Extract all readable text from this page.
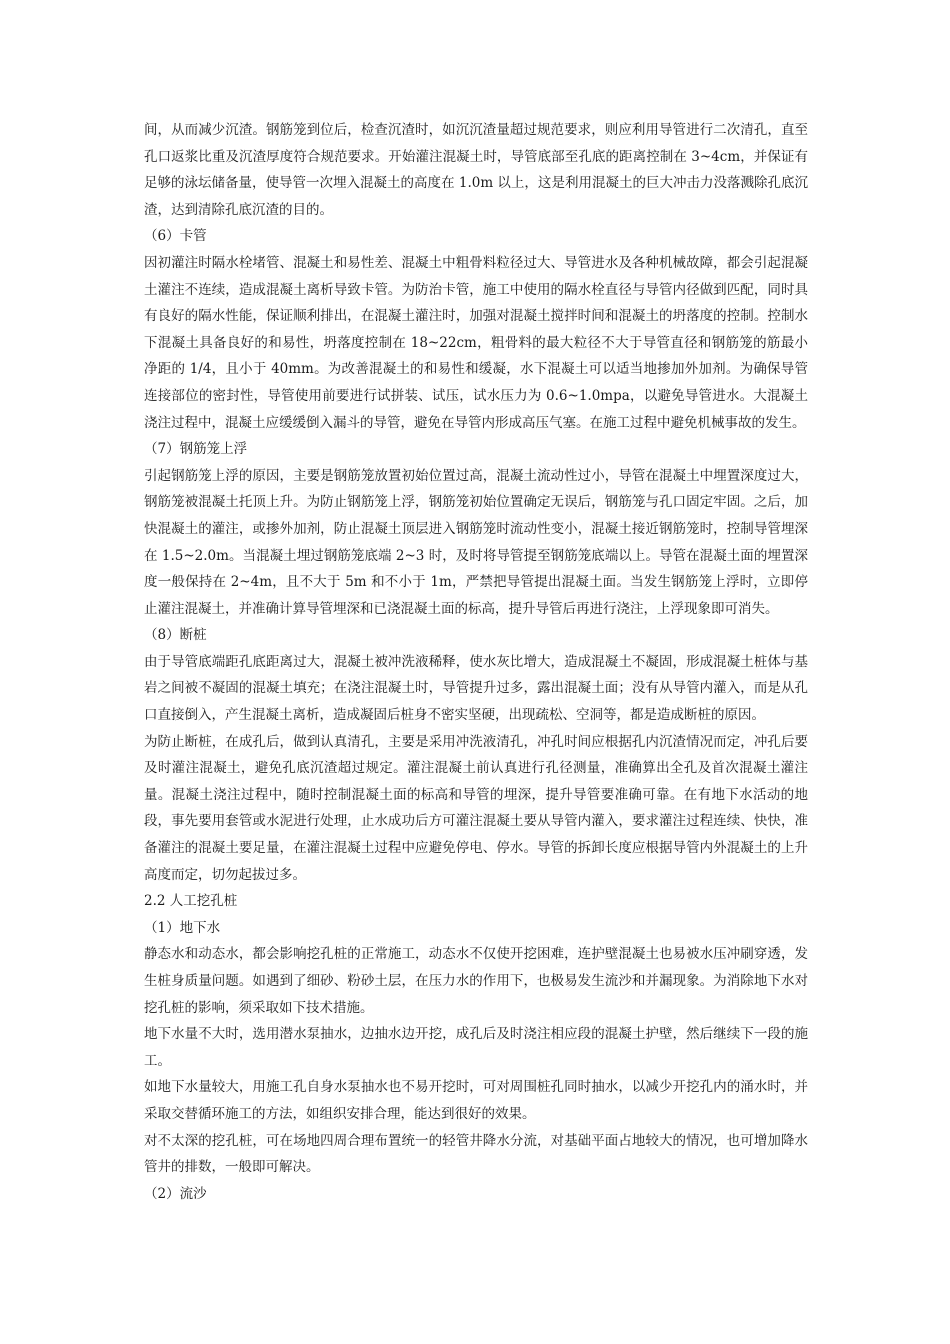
间，从而减少沉渣。钢筋笼到位后，检查沉渣时，如沉沉渣量超过规范要求，则应利用导管进行二次清孔，直至孔口返浆比重及沉渣厚度符合规范要求。开始灌注混凝土时，导管底部至孔底的距离控制在 3~4cm，并保证有足够的泳坛储备量，使导管一次埋入混凝土的高度在 1.0m 以上，这是利用混凝土的巨大冲击力没落溅除孔底沉渣，达到清除孔底沉渣的目的。

（6）卡管

因初灌注时隔水栓堵管、混凝土和易性差、混凝土中粗骨料粒径过大、导管进水及各种机械故障，都会引起混凝土灌注不连续，造成混凝土离析导致卡管。为防治卡管，施工中使用的隔水栓直径与导管内径做到匹配，同时具有良好的隔水性能，保证顺利排出，在混凝土灌注时，加强对混凝土搅拌时间和混凝土的坍落度的控制。控制水下混凝土具备良好的和易性，坍落度控制在 18~22cm，粗骨料的最大粒径不大于导管直径和钢筋笼的筋最小净距的 1/4，且小于 40mm。为改善混凝土的和易性和缓凝，水下混凝土可以适当地掺加外加剂。为确保导管连接部位的密封性，导管使用前要进行试拼装、试压，试水压力为 0.6~1.0mpa，以避免导管进水。大混凝土浇注过程中，混凝土应缓缓倒入漏斗的导管，避免在导管内形成高压气塞。在施工过程中避免机械事故的发生。

（7）钢筋笼上浮

引起钢筋笼上浮的原因，主要是钢筋笼放置初始位置过高，混凝土流动性过小，导管在混凝土中埋置深度过大，钢筋笼被混凝土托顶上升。为防止钢筋笼上浮，钢筋笼初始位置确定无误后，钢筋笼与孔口固定牢固。之后，加快混凝土的灌注，或掺外加剂，防止混凝土顶层进入钢筋笼时流动性变小，混凝土接近钢筋笼时，控制导管埋深在 1.5~2.0m。当混凝土埋过钢筋笼底端 2~3 时，及时将导管提至钢筋笼底端以上。导管在混凝土面的埋置深度一般保持在 2~4m，且不大于 5m 和不小于 1m，严禁把导管提出混凝土面。当发生钢筋笼上浮时，立即停止灌注混凝土，并准确计算导管埋深和已浇混凝土面的标高，提升导管后再进行浇注，上浮现象即可消失。

（8）断桩

由于导管底端距孔底距离过大，混凝土被冲洗液稀释，使水灰比增大，造成混凝土不凝固，形成混凝土桩体与基岩之间被不凝固的混凝土填充；在浇注混凝土时，导管提升过多，露出混凝土面；没有从导管内灌入，而是从孔口直接倒入，产生混凝土离析，造成凝固后桩身不密实坚硬，出现疏松、空洞等，都是造成断桩的原因。

为防止断桩，在成孔后，做到认真清孔，主要是采用冲洗液清孔，冲孔时间应根据孔内沉渣情况而定，冲孔后要及时灌注混凝土，避免孔底沉渣超过规定。灌注混凝土前认真进行孔径测量，准确算出全孔及首次混凝土灌注量。混凝土浇注过程中，随时控制混凝土面的标高和导管的埋深，提升导管要准确可靠。在有地下水活动的地段，事先要用套管或水泥进行处理，止水成功后方可灌注混凝土要从导管内灌入，要求灌注过程连续、快快，准备灌注的混凝土要足量，在灌注混凝土过程中应避免停电、停水。导管的拆卸长度应根据导管内外混凝土的上升高度而定，切勿起拔过多。

2.2 人工挖孔桩

（1）地下水

静态水和动态水，都会影响挖孔桩的正常施工，动态水不仅使开挖困难，连护壁混凝土也易被水压冲刷穿透，发生桩身质量问题。如遇到了细砂、粉砂土层，在压力水的作用下，也极易发生流沙和并漏现象。为消除地下水对挖孔桩的影响，须采取如下技术措施。

地下水量不大时，选用潜水泵抽水，边抽水边开挖，成孔后及时浇注相应段的混凝土护壁，然后继续下一段的施工。

如地下水量较大，用施工孔自身水泵抽水也不易开挖时，可对周围桩孔同时抽水，以减少开挖孔内的涌水时，并采取交替循环施工的方法，如组织安排合理，能达到很好的效果。

对不太深的挖孔桩，可在场地四周合理布置统一的轻管井降水分流，对基础平面占地较大的情况，也可增加降水管井的排数，一般即可解决。

（2）流沙
